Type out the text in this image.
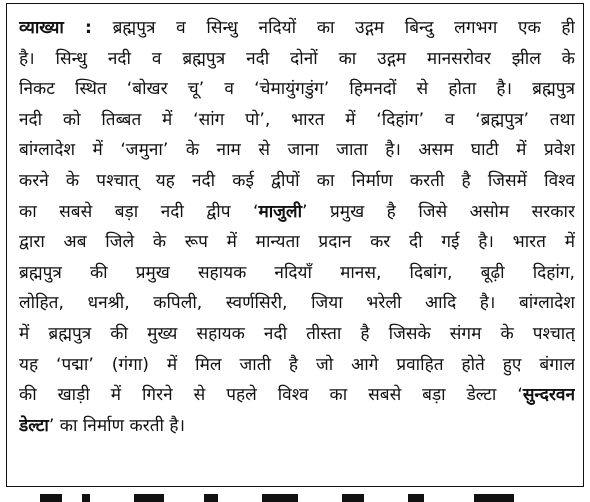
व्याख्या : ब्रह्मपुत्र व सिन्धु नदियों का उद्गम बिन्दु लगभग एक ही
है। सिन्धु नदी व ब्रह्मपुत्र नदी दोनों का उद्गम मानसरोवर झील के
निकट स्थित ‘बोखर चू’ व ‘चेमायुंगडुंग’ हिमनदों से होता है। ब्रह्मपुत्र
नदी को तिब्बत में ‘सांग पो’, भारत में ‘दिहांग’ व ‘ब्रह्मपुत्र’ तथा
बांग्लादेश में ‘जमुना’ के नाम से जाना जाता है। असम घाटी में प्रवेश
करने के पश्चात् यह नदी कई द्वीपों का निर्माण करती है जिसमें विश्व
का सबसे बड़ा नदी द्वीप ‘माजुली’ प्रमुख है जिसे असोम सरकार
द्वारा अब जिले के रूप में मान्यता प्रदान कर दी गई है। भारत में
ब्रह्मपुत्र की प्रमुख सहायक नदियाँ मानस, दिबांग, बूढ़ी दिहांग,
लोहित, धनश्री, कपिली, स्वर्णसिरी, जिया भरेली आदि है। बांग्लादेश
में ब्रह्मपुत्र की मुख्य सहायक नदी तीस्ता है जिसके संगम के पश्चात्
यह ‘पद्मा’ (गंगा) में मिल जाती है जो आगे प्रवाहित होते हुए बंगाल
की खाड़ी में गिरने से पहले विश्व का सबसे बड़ा डेल्टा ‘सुन्दरवन
डेल्टा’ का निर्माण करती है।
